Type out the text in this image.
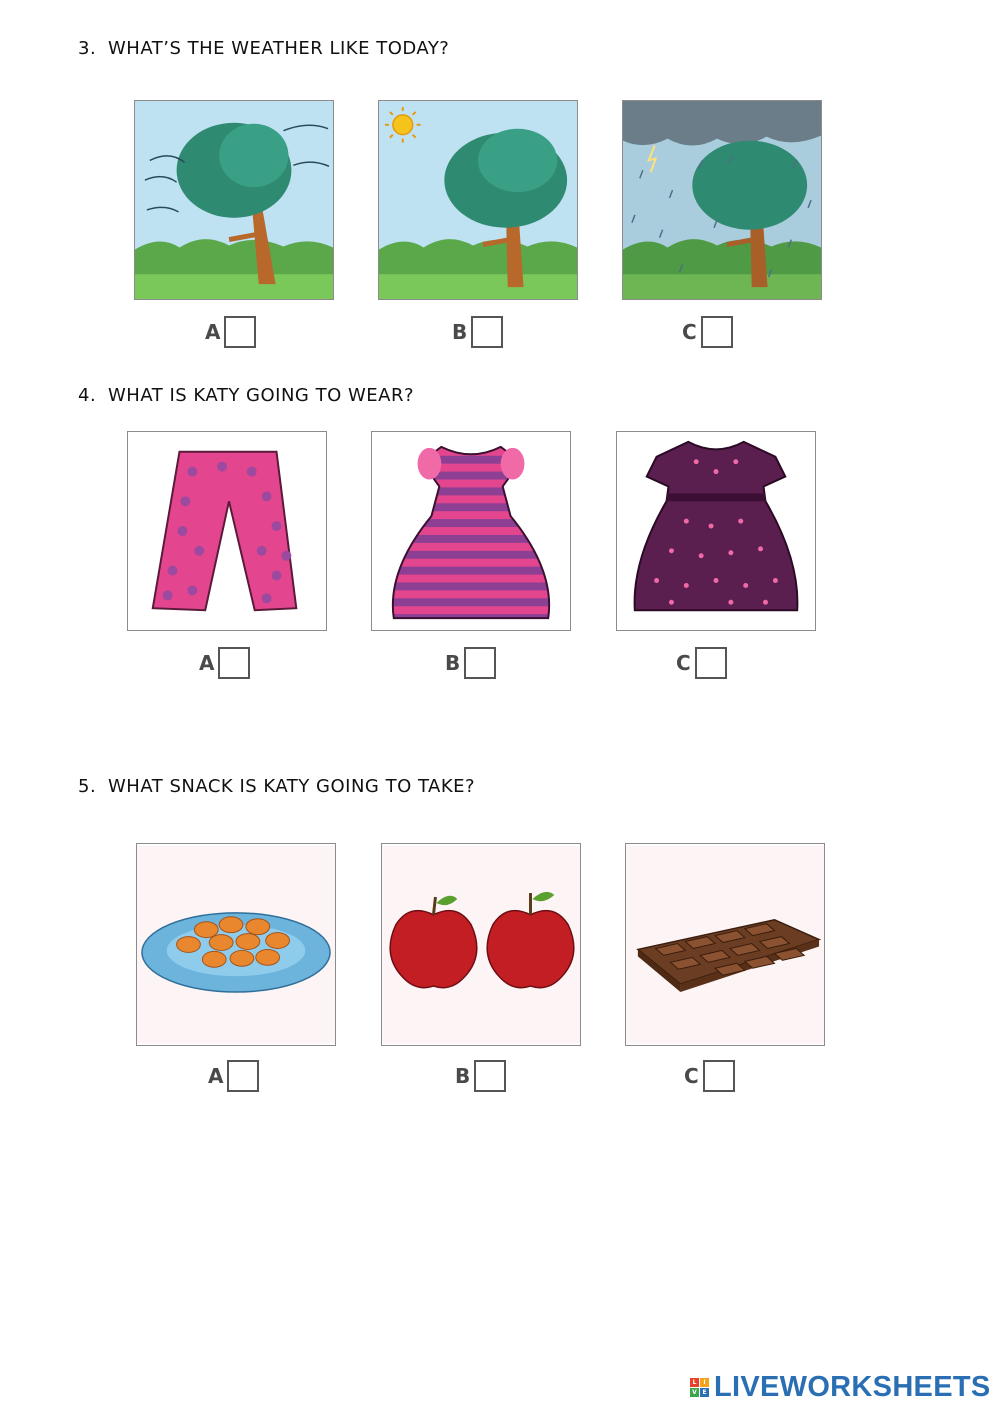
3. WHAT’S THE WEATHER LIKE TODAY?
A	B	C
4. WHAT IS KATY GOING TO WEAR?
A	B	C
5. WHAT SNACK IS KATY GOING TO TAKE?
A	B	C
L	I
V E LIVEWORKSHEETS
